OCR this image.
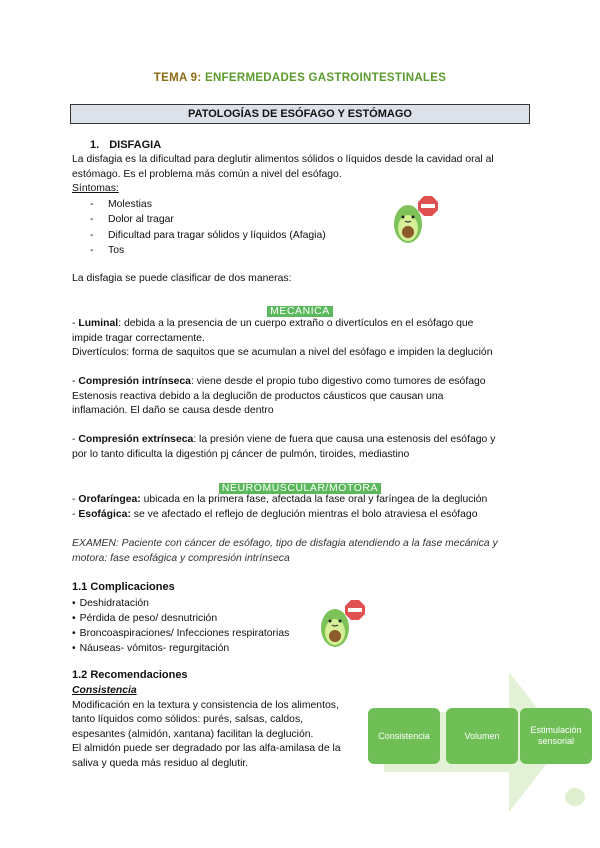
TEMA 9: ENFERMEDADES GASTROINTESTINALES
PATOLOGÍAS DE ESÓFAGO Y ESTÓMAGO
1. DISFAGIA
La disfagia es la dificultad para deglutir alimentos sólidos o líquidos desde la cavidad oral al
estómago. Es el problema más común a nivel del esófago.
Síntomas:
- Molestias
- Dolor al tragar
- Dificultad para tragar sólidos y líquidos (Afagia)
- Tos
La disfagia se puede clasificar de dos maneras:
MECÁNICA
- Luminal: debida a la presencia de un cuerpo extraño o divertículos en el esófago que
impide tragar correctamente.
Divertículos: forma de saquitos que se acumulan a nivel del esófago e impiden la deglución
- Compresión intrínseca: viene desde el propio tubo digestivo como tumores de esófago
Estenosis reactiva debido a la degluciõn de productos cáusticos que causan una
inflamación. El daño se causa desde dentro
- Compresión extrínseca: la presión viene de fuera que causa una estenosis del esófago y
por lo tanto dificulta la digestión pj cáncer de pulmón, tiroides, mediastino
NEUROMUSCULAR/MOTORA
- Orofaríngea: ubicada en la primera fase, afectada la fase oral y faríngea de la deglución
- Esofágica: se ve afectado el reflejo de deglución mientras el bolo atraviesa el esófago
EXAMEN: Paciente con cáncer de esófago, tipo de disfagia atendiendo a la fase mecánica y
motora: fase esofágica y compresión intrínseca
1.1 Complicaciones
• Deshidratación
• Pérdida de peso/ desnutrición
• Broncoaspiraciones/ Infecciones respiratorias
• Náuseas- vómitos- regurgitación
1.2 Recomendaciones
Consistencia
Modificación en la textura y consistencia de los alimentos,
tanto líquidos como sólidos: purés, salsas, caldos,
espesantes (almidón, xantana) facilitan la deglución.
El almidón puede ser degradado por las alfa-amilasa de la
saliva y queda más residuo al deglutir.
Consistencia	Volumen
Estimulación sensorial
